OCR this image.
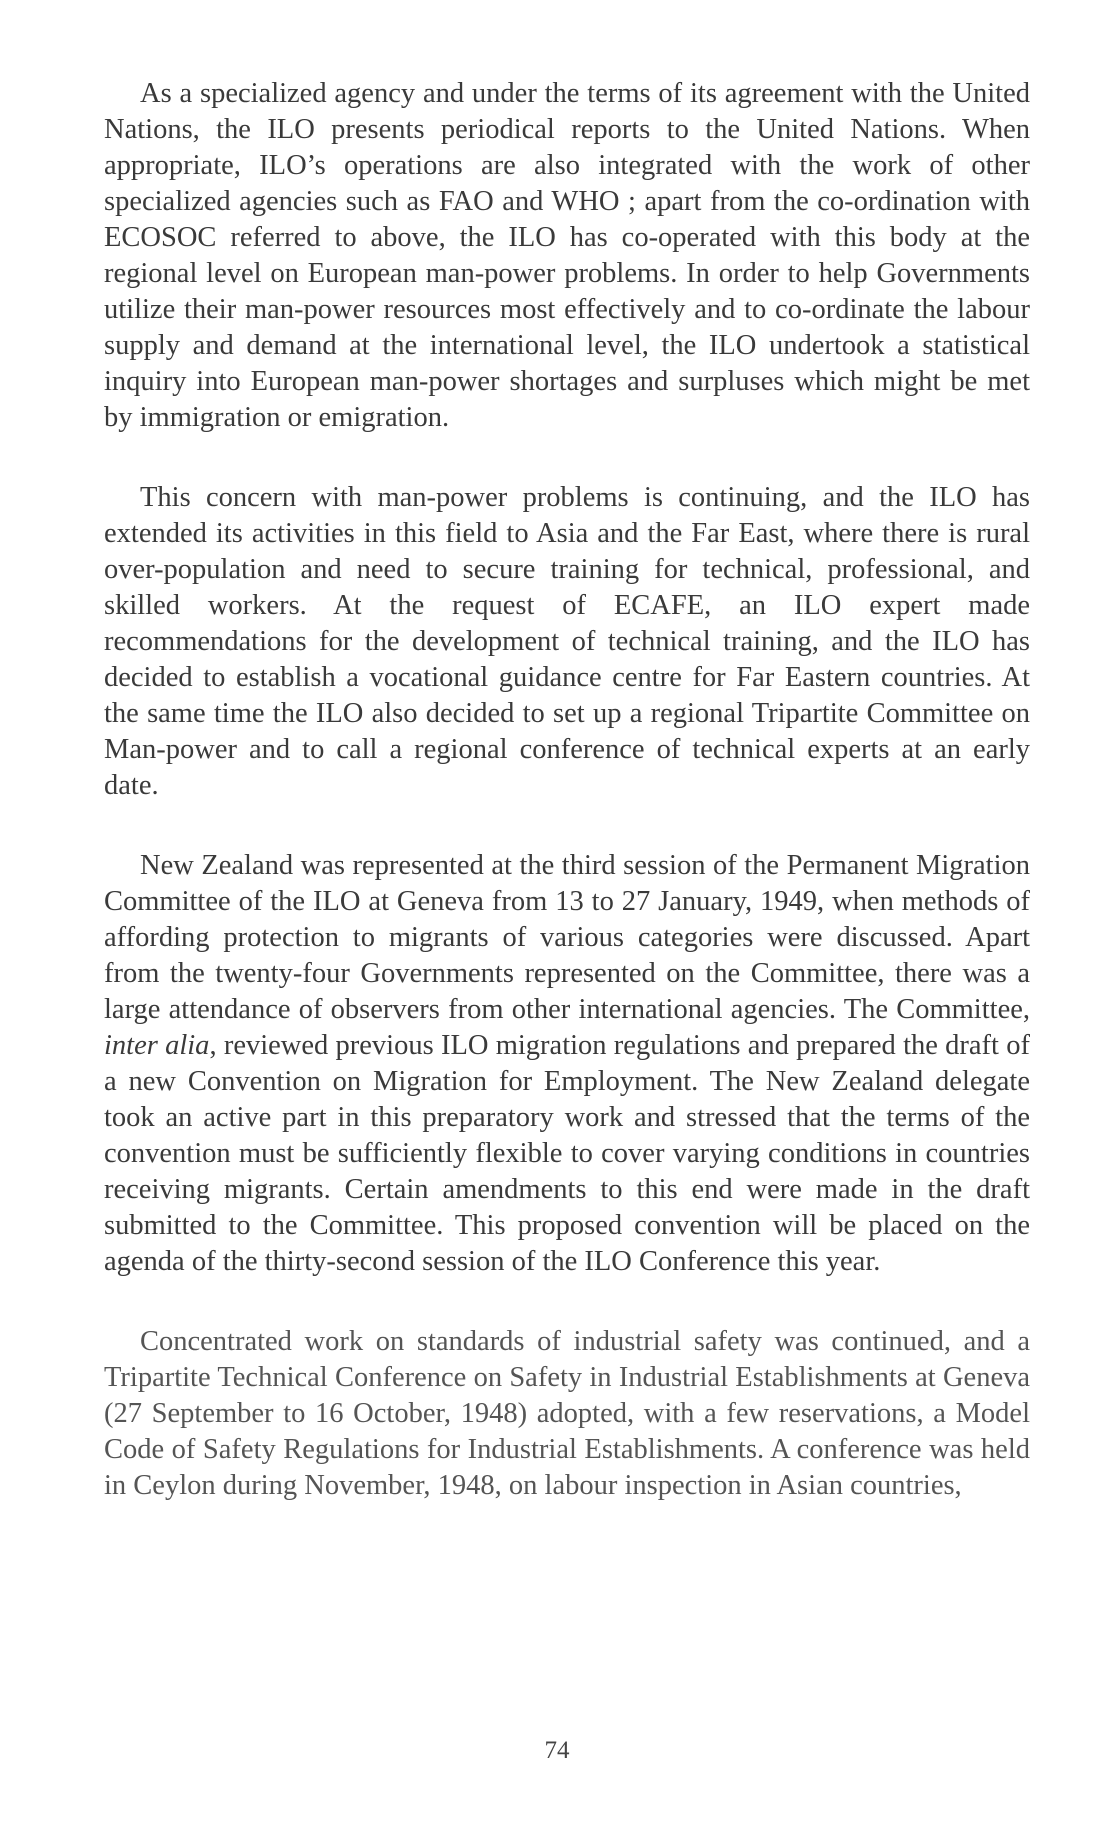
As a specialized agency and under the terms of its agreement with the United Nations, the ILO presents periodical reports to the United Nations. When appropriate, ILO’s operations are also integrated with the work of other specialized agencies such as FAO and WHO ; apart from the co-ordination with ECOSOC referred to above, the ILO has co-operated with this body at the regional level on European man-power problems. In order to help Governments utilize their man-power resources most effectively and to co-ordinate the labour supply and demand at the international level, the ILO undertook a statistical inquiry into European man-power shortages and surpluses which might be met by immigration or emigration.

This concern with man-power problems is continuing, and the ILO has extended its activities in this field to Asia and the Far East, where there is rural over-population and need to secure training for technical, professional, and skilled workers. At the request of ECAFE, an ILO expert made recommendations for the development of technical training, and the ILO has decided to establish a vocational guidance centre for Far Eastern countries. At the same time the ILO also decided to set up a regional Tripartite Committee on Man-power and to call a regional conference of technical experts at an early date.

New Zealand was represented at the third session of the Permanent Migration Committee of the ILO at Geneva from 13 to 27 January, 1949, when methods of affording protection to migrants of various categories were discussed. Apart from the twenty-four Governments represented on the Committee, there was a large attendance of observers from other international agencies. The Committee, inter alia, reviewed previous ILO migration regulations and prepared the draft of a new Convention on Migration for Employment. The New Zealand delegate took an active part in this preparatory work and stressed that the terms of the convention must be sufficiently flexible to cover varying conditions in countries receiving migrants. Certain amendments to this end were made in the draft submitted to the Committee. This proposed convention will be placed on the agenda of the thirty-second session of the ILO Conference this year.

Concentrated work on standards of industrial safety was continued, and a Tripartite Technical Conference on Safety in Industrial Establishments at Geneva (27 September to 16 October, 1948) adopted, with a few reservations, a Model Code of Safety Regulations for Industrial Establishments. A conference was held in Ceylon during November, 1948, on labour inspection in Asian countries,

74
